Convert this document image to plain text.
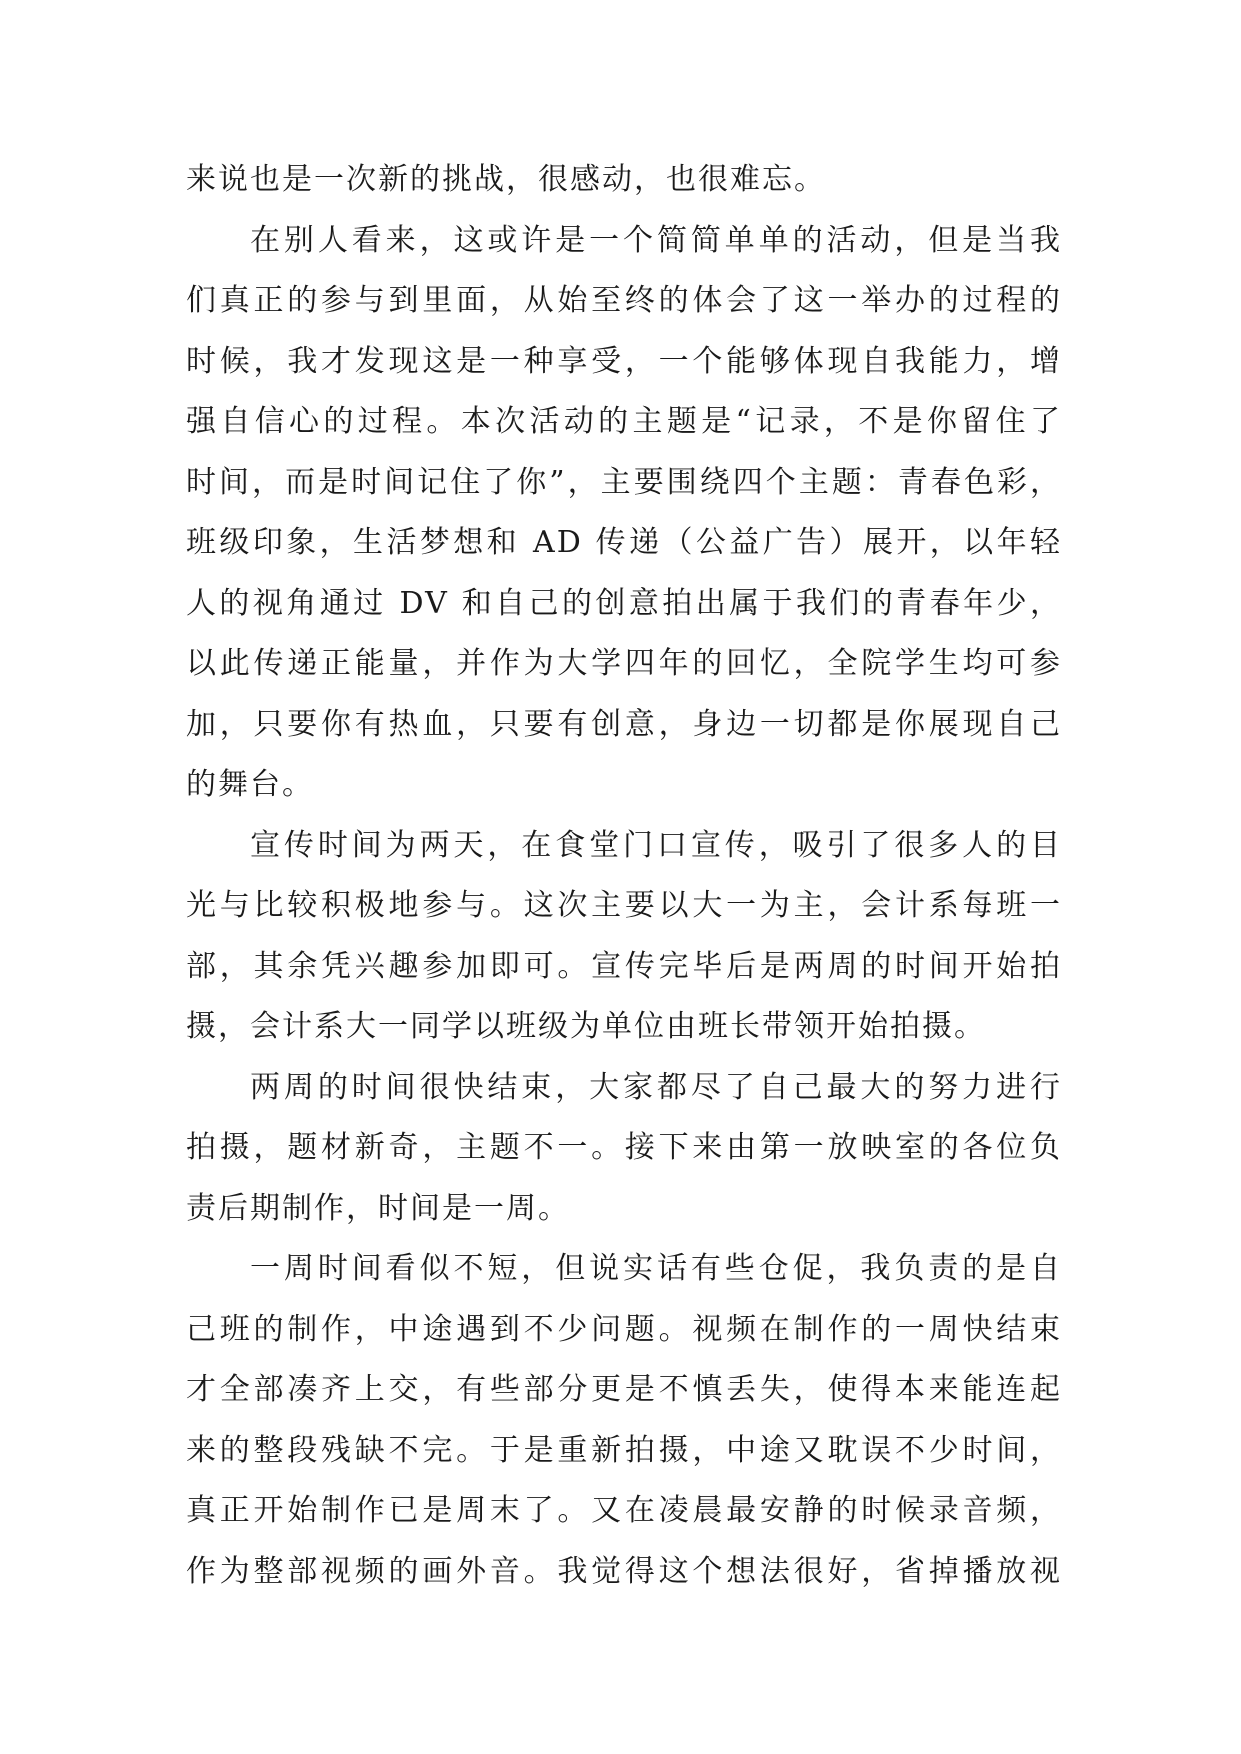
来说也是一次新的挑战，很感动，也很难忘。
在别人看来，这或许是一个简简单单的活动，但是当我
们真正的参与到里面，从始至终的体会了这一举办的过程的
时候，我才发现这是一种享受，一个能够体现自我能力，增
强自信心的过程。本次活动的主题是“记录，不是你留住了
时间，而是时间记住了你”，主要围绕四个主题：青春色彩，
班级印象，生活梦想和 AD 传递（公益广告）展开，以年轻
人的视角通过 DV 和自己的创意拍出属于我们的青春年少，
以此传递正能量，并作为大学四年的回忆，全院学生均可参
加，只要你有热血，只要有创意，身边一切都是你展现自己
的舞台。
宣传时间为两天，在食堂门口宣传，吸引了很多人的目
光与比较积极地参与。这次主要以大一为主，会计系每班一
部，其余凭兴趣参加即可。宣传完毕后是两周的时间开始拍
摄，会计系大一同学以班级为单位由班长带领开始拍摄。
两周的时间很快结束，大家都尽了自己最大的努力进行
拍摄，题材新奇，主题不一。接下来由第一放映室的各位负
责后期制作，时间是一周。
一周时间看似不短，但说实话有些仓促，我负责的是自
己班的制作，中途遇到不少问题。视频在制作的一周快结束
才全部凑齐上交，有些部分更是不慎丢失，使得本来能连起
来的整段残缺不完。于是重新拍摄，中途又耽误不少时间，
真正开始制作已是周末了。又在凌晨最安静的时候录音频，
作为整部视频的画外音。我觉得这个想法很好，省掉播放视
